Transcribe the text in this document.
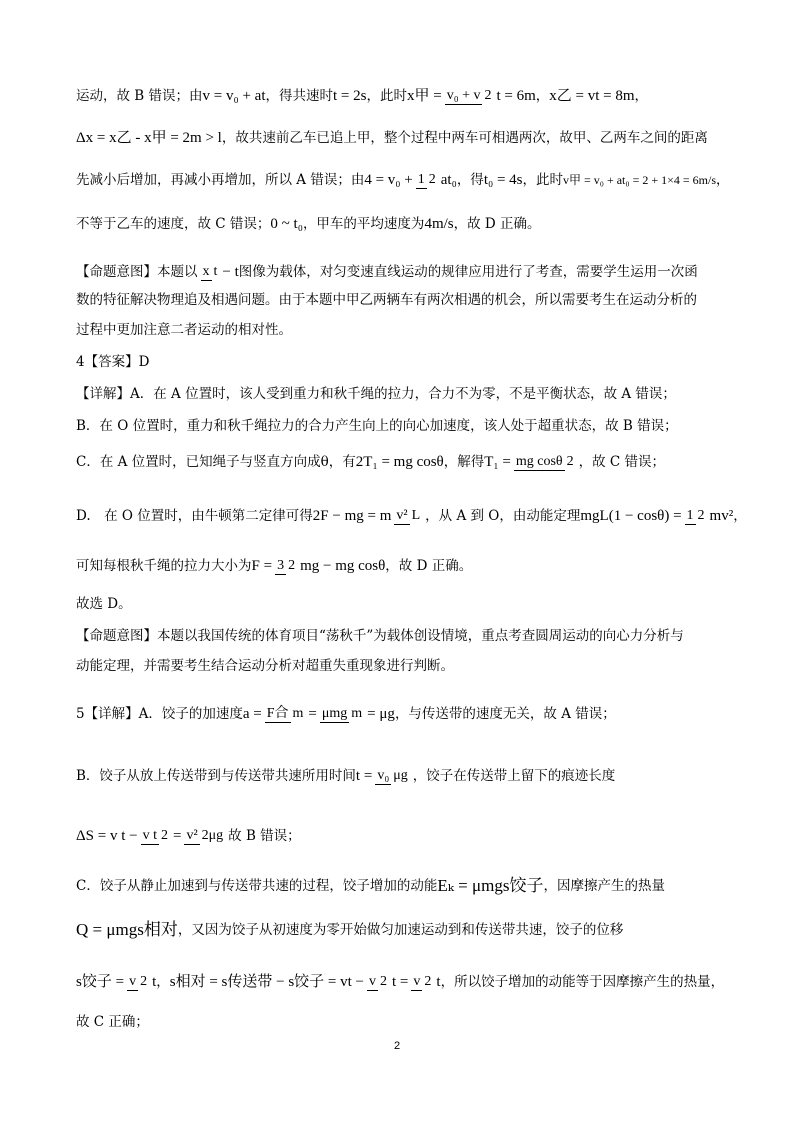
运动，故 B 错误；由 v = v₀ + at ，得共速时 t = 2s ，此时 x甲 = v₀ + v 2 t = 6m ， x乙 = vt = 8m ，
Δx = x乙 - x甲 = 2m > l ，故共速前乙车已追上甲，整个过程中两车可相遇两次，故甲、乙两车之间的距离
先减小后增加，再减小再增加，所以 A 错误；由 4 = v₀ + 1 2 at₀ ，得 t₀ = 4s ，此时 v甲 = v₀ + at₀ = 2 + 1×4 = 6m/s ，
不等于乙车的速度，故 C 错误； 0 ~ t₀ ，甲车的平均速度为 4m/s ，故 D 正确。
【命题意图】本题以 x t − t 图像为载体，对匀变速直线运动的规律应用进行了考查，需要学生运用一次函
数的特征解决物理追及相遇问题。由于本题中甲乙两辆车有两次相遇的机会，所以需要考生在运动分析的
过程中更加注意二者运动的相对性。
4【答案】D
【详解】A．在 A 位置时，该人受到重力和秋千绳的拉力，合力不为零，不是平衡状态，故 A 错误；
B．在 O 位置时，重力和秋千绳拉力的合力产生向上的向心加速度，该人处于超重状态，故 B 错误；
C．在 A 位置时，已知绳子与竖直方向成θ，有 2T₁ = mg cosθ ，解得 T₁ = mg cosθ 2 ，故 C 错误；
D.　在 O 位置时，由牛顿第二定律可得 2F − mg = m v² L ，从 A 到 O，由动能定理 mgL(1 − cosθ) = 1 2 mv² ，
可知每根秋千绳的拉力大小为 F = 3 2 mg − mg cosθ ，故 D 正确。
故选 D。
【命题意图】本题以我国传统的体育项目“荡秋千”为载体创设情境，重点考查圆周运动的向心力分析与
动能定理，并需要考生结合运动分析对超重失重现象进行判断。
5【详解】A．饺子的加速度 a = F合 m = μmg m = μg ，与传送带的速度无关，故 A 错误；
B．饺子从放上传送带到与传送带共速所用时间 t = v₀ μg ，饺子在传送带上留下的痕迹长度
ΔS = v t − v t 2 = v² 2μg 故 B 错误；
C．饺子从静止加速到与传送带共速的过程，饺子增加的动能 Eₖ = μmgs饺子 ，因摩擦产生的热量
Q = μmgs相对 ，又因为饺子从初速度为零开始做匀加速运动到和传送带共速，饺子的位移
s饺子 = v 2 t ， s相对 = s传送带 − s饺子 = vt − v 2 t = v 2 t ，所以饺子增加的动能等于因摩擦产生的热量，
故 C 正确；
2
